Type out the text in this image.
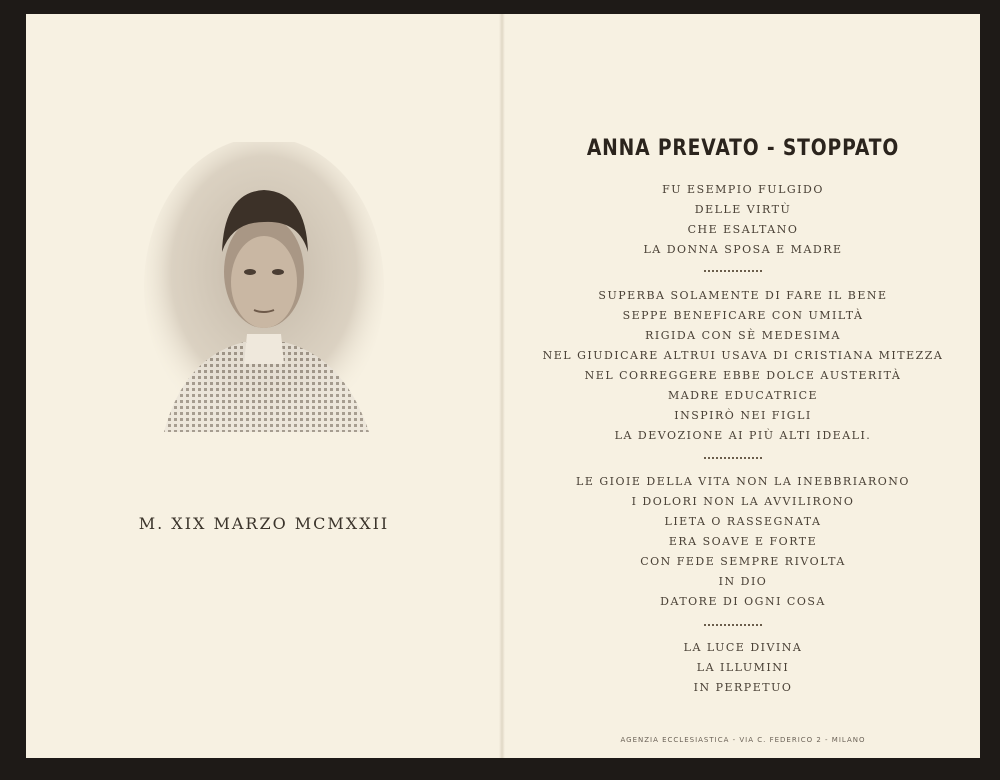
M. XIX MARZO MCMXXII
ANNA PREVATO - STOPPATO
FU ESEMPIO FULGIDO
DELLE VIRTÙ
CHE ESALTANO
LA DONNA SPOSA E MADRE
SUPERBA SOLAMENTE DI FARE IL BENE
SEPPE BENEFICARE CON UMILTÀ
RIGIDA CON SÈ MEDESIMA
NEL GIUDICARE ALTRUI USAVA DI CRISTIANA MITEZZA
NEL CORREGGERE EBBE DOLCE AUSTERITÀ
MADRE EDUCATRICE
INSPIRÒ NEI FIGLI
LA DEVOZIONE AI PIÙ ALTI IDEALI.
LE GIOIE DELLA VITA NON LA INEBBRIARONO
I DOLORI NON LA AVVILIRONO
LIETA O RASSEGNATA
ERA SOAVE E FORTE
CON FEDE SEMPRE RIVOLTA
IN DIO
DATORE DI OGNI COSA
LA LUCE DIVINA
LA ILLUMINI
IN PERPETUO
AGENZIA ECCLESIASTICA - VIA C. FEDERICO 2 - MILANO
